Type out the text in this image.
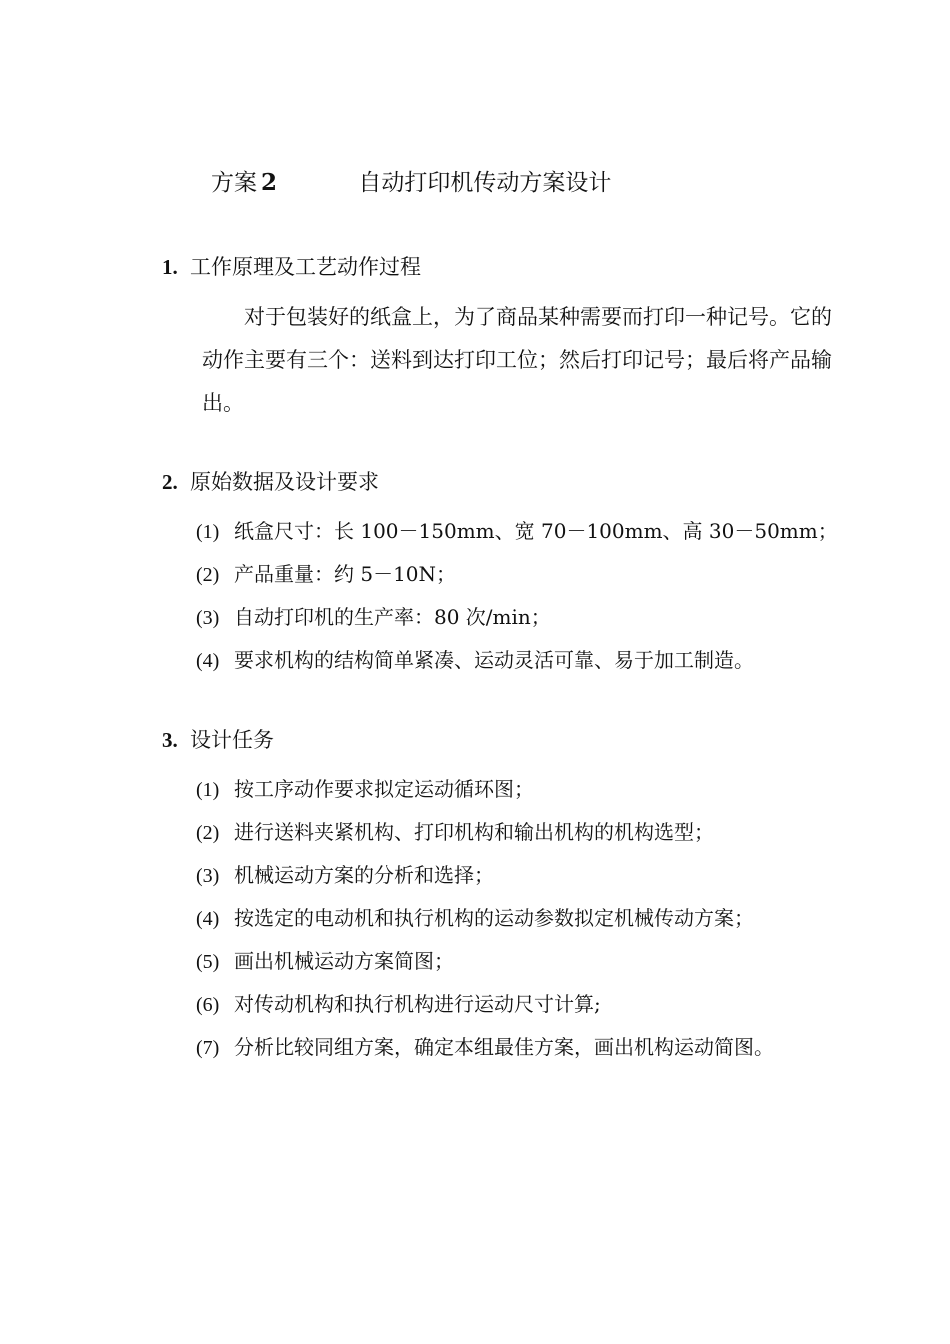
方案 2	自动打印机传动方案设计
1. 工作原理及工艺动作过程
对于包装好的纸盒上，为了商品某种需要而打印一种记号。它的动作主要有三个：送料到达打印工位；然后打印记号；最后将产品输出。
2. 原始数据及设计要求
(1) 纸盒尺寸：长 100－150mm、宽 70－100mm、高 30－50mm；
(2) 产品重量：约 5－10N；
(3) 自动打印机的生产率：80 次/min；
(4) 要求机构的结构简单紧凑、运动灵活可靠、易于加工制造。
3. 设计任务
(1) 按工序动作要求拟定运动循环图；
(2) 进行送料夹紧机构、打印机构和输出机构的机构选型；
(3) 机械运动方案的分析和选择；
(4) 按选定的电动机和执行机构的运动参数拟定机械传动方案；
(5) 画出机械运动方案简图；
(6) 对传动机构和执行机构进行运动尺寸计算;
(7) 分析比较同组方案，确定本组最佳方案，画出机构运动简图。
